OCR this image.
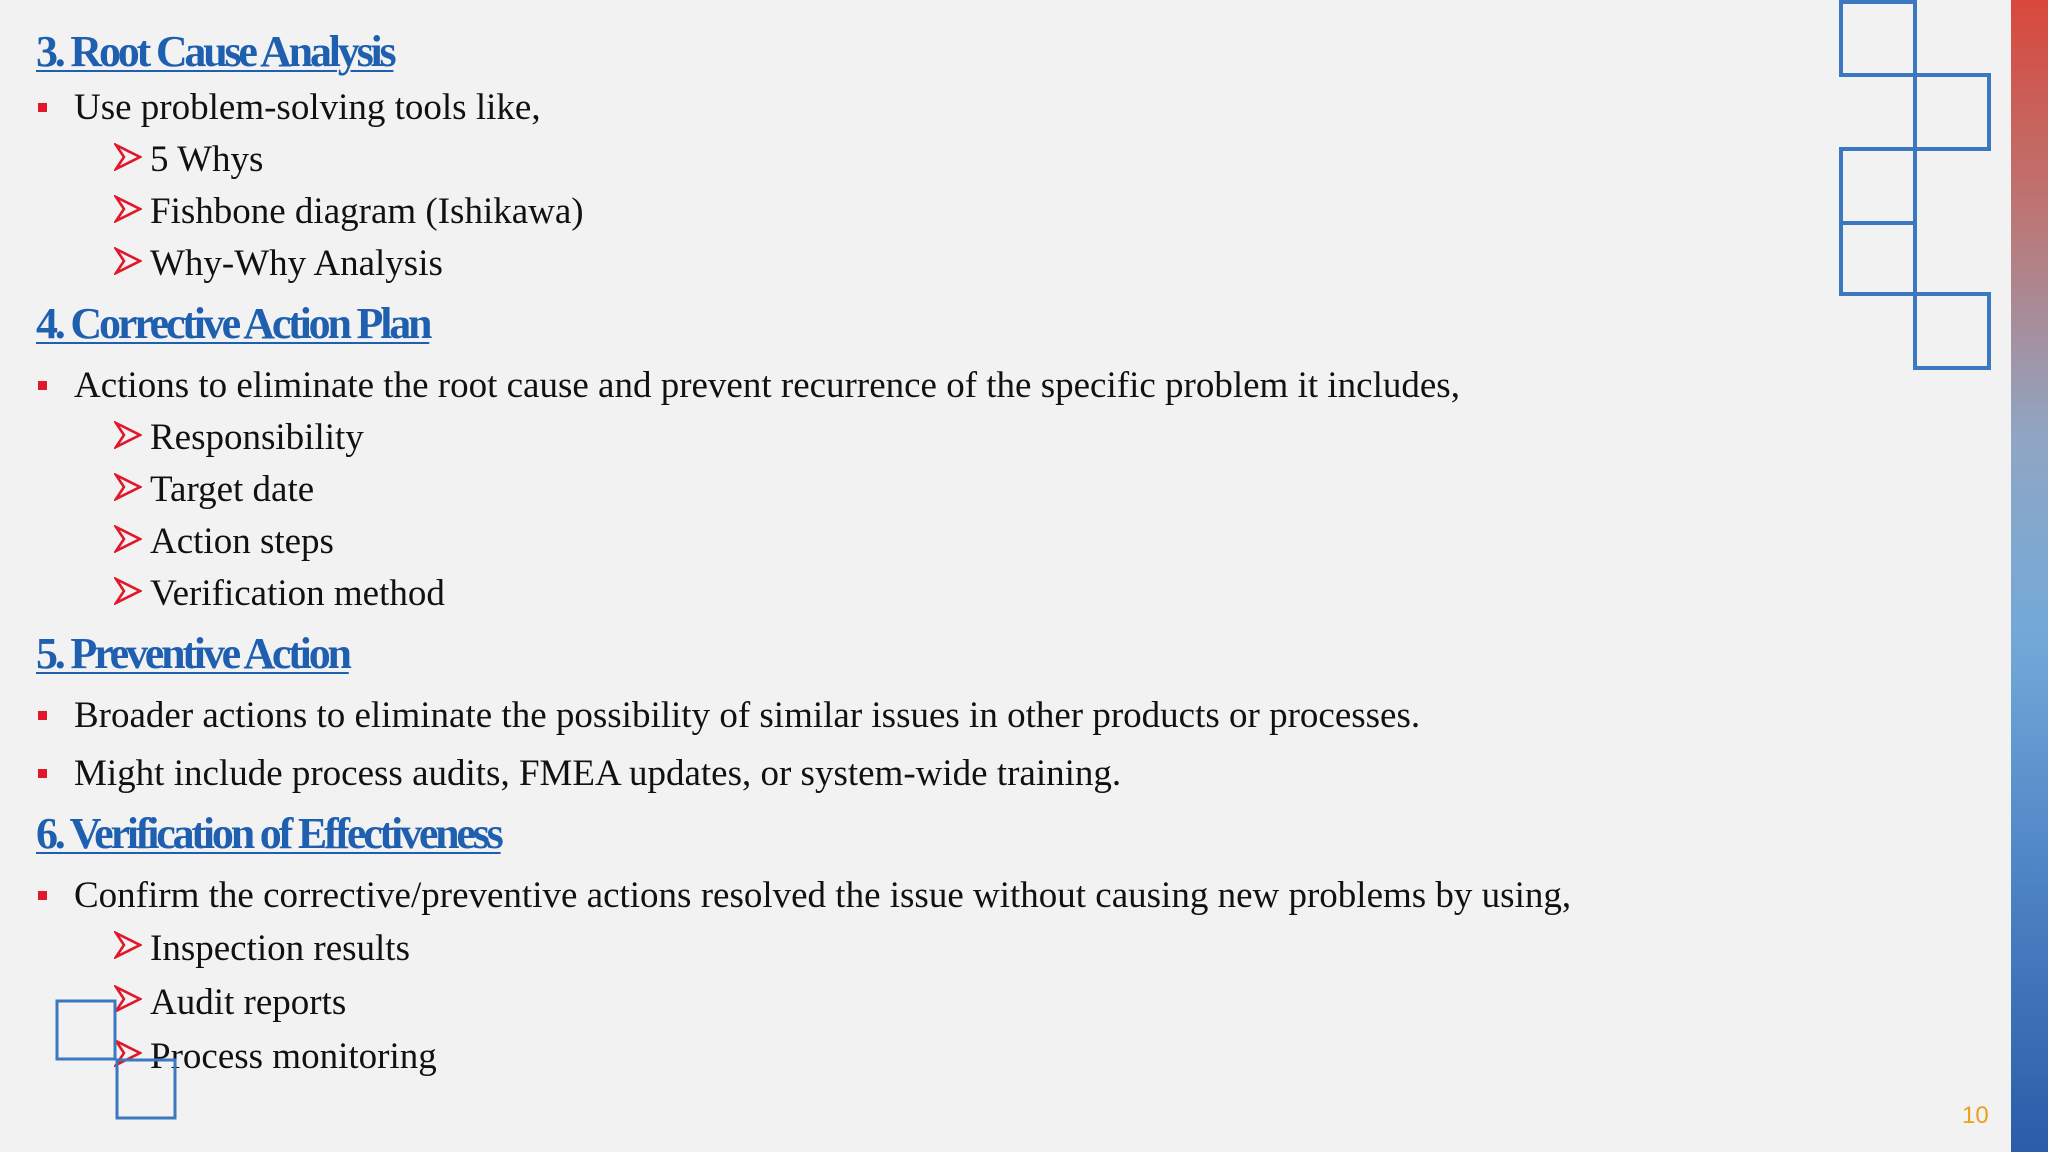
3. Root Cause Analysis
Use problem-solving tools like,
5 Whys
Fishbone diagram (Ishikawa)
Why-Why Analysis
4. Corrective Action Plan
Actions to eliminate the root cause and prevent recurrence of the specific problem it includes,
Responsibility
Target date
Action steps
Verification method
5. Preventive Action
Broader actions to eliminate the possibility of similar issues in other products or processes.
Might include process audits, FMEA updates, or system-wide training.
6. Verification of Effectiveness
Confirm the corrective/preventive actions resolved the issue without causing new problems by using,
Inspection results
Audit reports
Process monitoring
10
